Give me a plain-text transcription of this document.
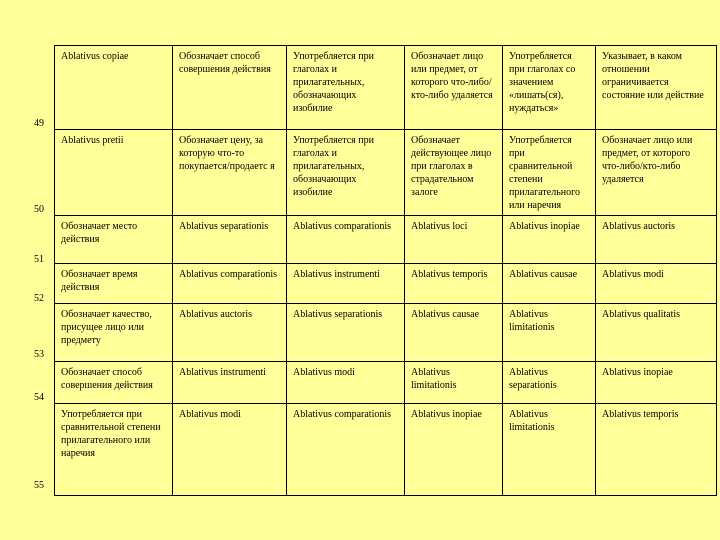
49
50
51
52
53
54
55
Ablativus copiae	Обозначает способ совершения действия	Употребляется при глаголах и прилагательных, обозначающих изобилие	Обозначает лицо или предмет, от которого что-либо/кто-либо удаляется	Употребляется при глаголах со значением «лишать(ся), нуждаться»	Указывает, в каком отношении ограничивается состояние или действие
Ablativus pretii	Обозначает цену, за которую что-то покупается/продаетс я	Употребляется при глаголах и прилагательных, обозначающих изобилие	Обозначает действующее лицо при глаголах в страдательном залоге	Употребляется при сравнительной степени прилагательного или наречия	Обозначает лицо или предмет, от которого что-либо/кто-либо удаляется
Обозначает место действия	Ablativus separationis	Ablativus comparationis	Ablativus loci	Ablativus inopiae	Ablativus auctoris
Обозначает время действия	Ablativus comparationis	Ablativus instrumenti	Ablativus temporis	Ablativus causae	Ablativus modi
Обозначает качество, присущее лицо или предмету	Ablativus auctoris	Ablativus separationis	Ablativus causae	Ablativus limitationis	Ablativus qualitatis
Обозначает способ совершения действия	Ablativus instrumenti	Ablativus modi	Ablativus limitationis	Ablativus separationis	Ablativus inopiae
Употребляется при сравнительной степени прилагательного или наречия	Ablativus modi	Ablativus comparationis	Ablativus inopiae	Ablativus limitationis	Ablativus temporis
